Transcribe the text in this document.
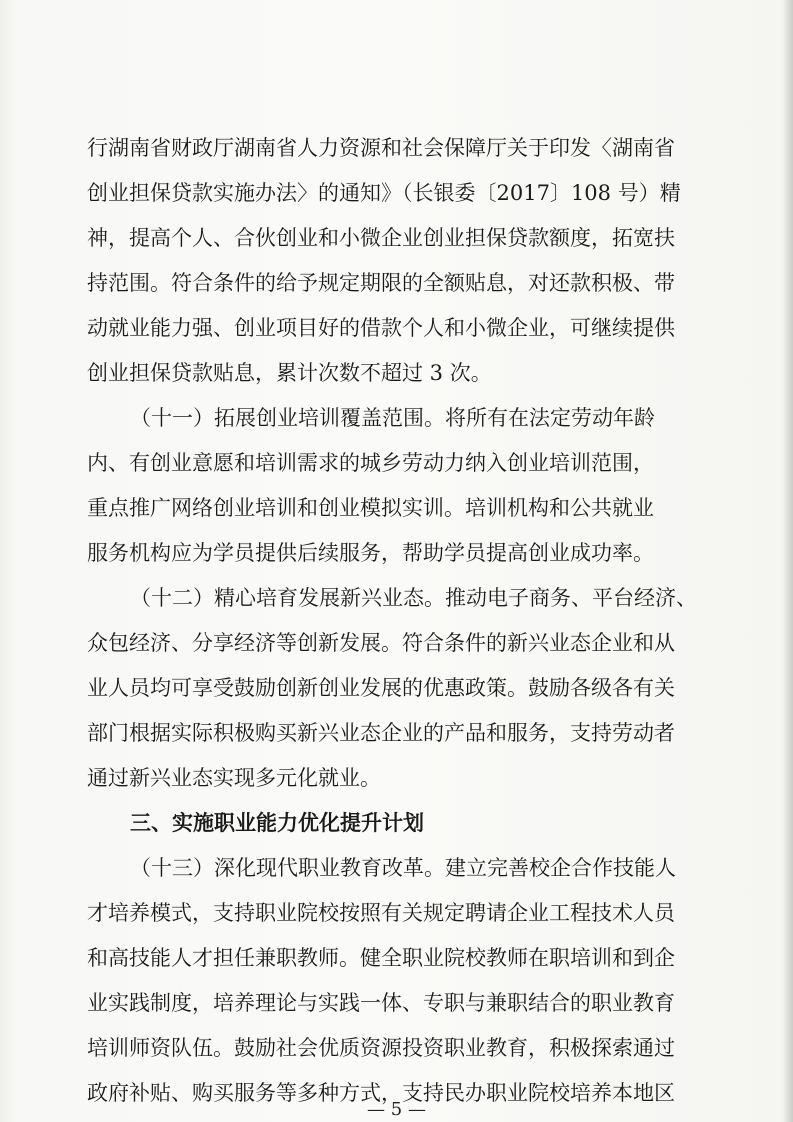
行湖南省财政厅湖南省人力资源和社会保障厅关于印发〈湖南省
创业担保贷款实施办法〉的通知》（长银委〔2017〕108 号）精
神，提高个人、合伙创业和小微企业创业担保贷款额度，拓宽扶
持范围。符合条件的给予规定期限的全额贴息，对还款积极、带
动就业能力强、创业项目好的借款个人和小微企业，可继续提供
创业担保贷款贴息，累计次数不超过 3 次。
（十一）拓展创业培训覆盖范围。将所有在法定劳动年龄
内、有创业意愿和培训需求的城乡劳动力纳入创业培训范围，
重点推广网络创业培训和创业模拟实训。培训机构和公共就业
服务机构应为学员提供后续服务，帮助学员提高创业成功率。
（十二）精心培育发展新兴业态。推动电子商务、平台经济、
众包经济、分享经济等创新发展。符合条件的新兴业态企业和从
业人员均可享受鼓励创新创业发展的优惠政策。鼓励各级各有关
部门根据实际积极购买新兴业态企业的产品和服务，支持劳动者
通过新兴业态实现多元化就业。
三、实施职业能力优化提升计划
（十三）深化现代职业教育改革。建立完善校企合作技能人
才培养模式，支持职业院校按照有关规定聘请企业工程技术人员
和高技能人才担任兼职教师。健全职业院校教师在职培训和到企
业实践制度，培养理论与实践一体、专职与兼职结合的职业教育
培训师资队伍。鼓励社会优质资源投资职业教育，积极探索通过
政府补贴、购买服务等多种方式，支持民办职业院校培养本地区
— 5 —
